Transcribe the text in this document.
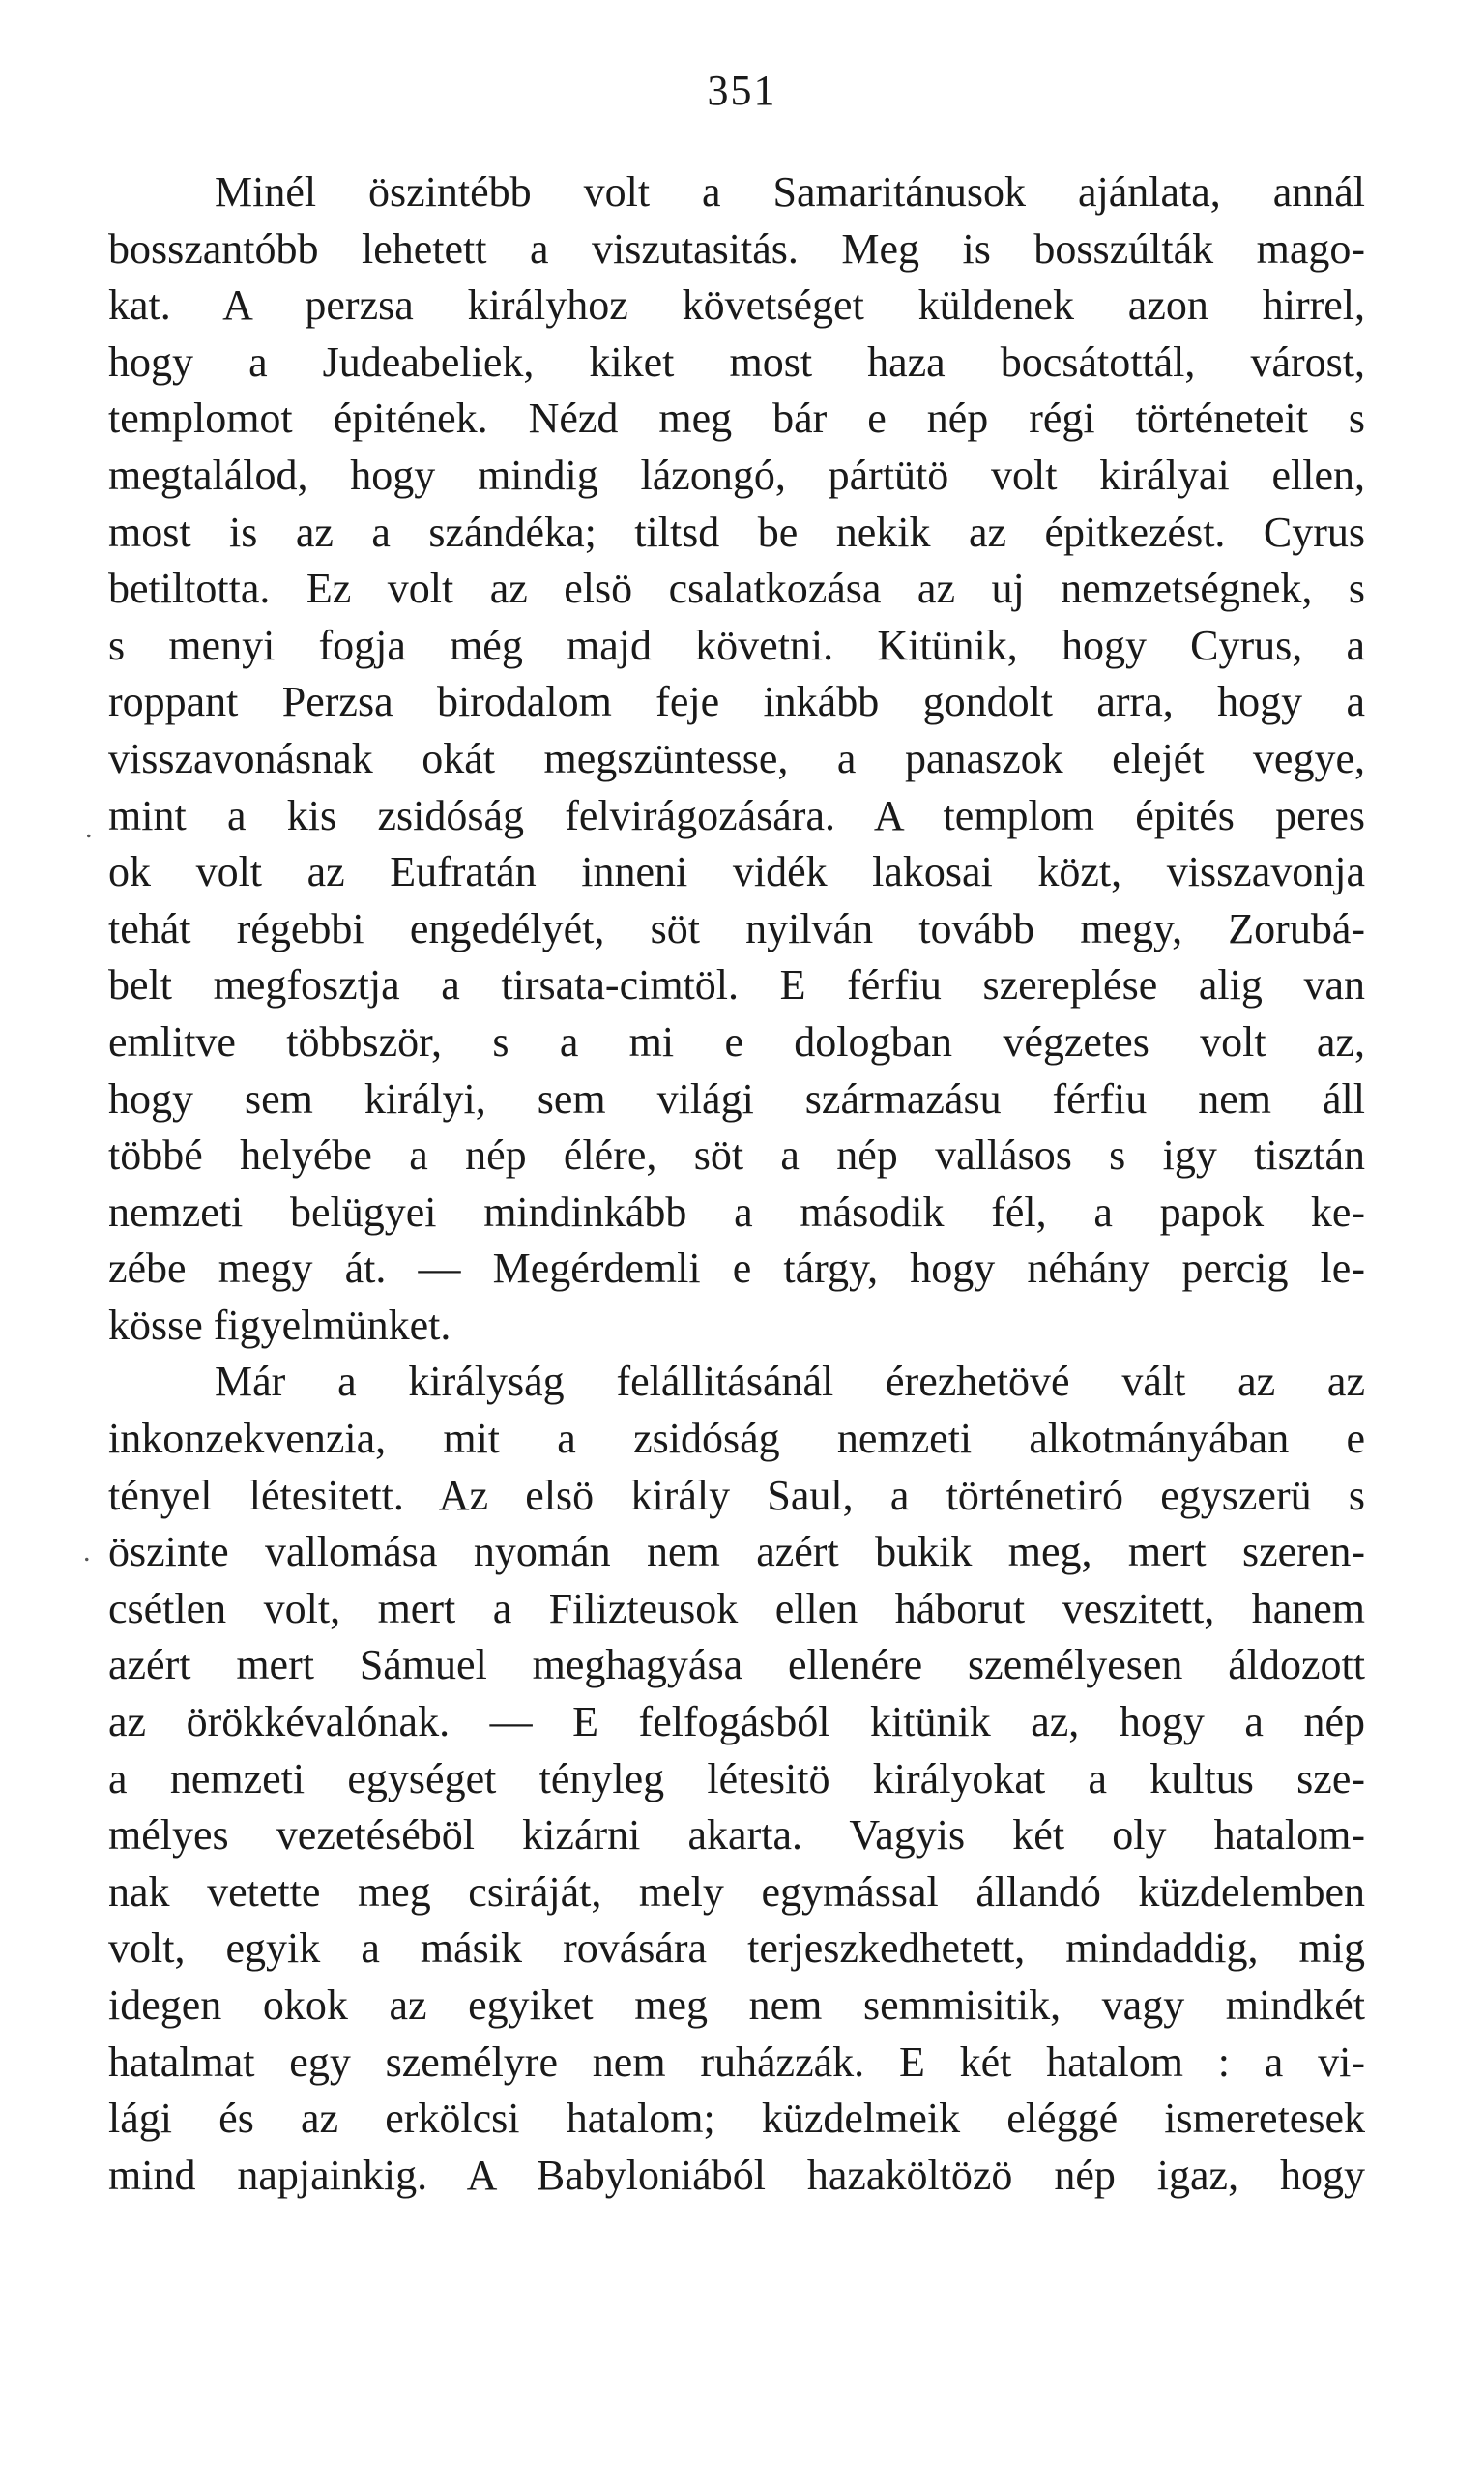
351
.
.
Minél öszintébb volt a Samaritánusok ajánlata, annál
bosszantóbb lehetett a viszutasitás. Meg is bosszúlták mago-
kat. A perzsa királyhoz követséget küldenek azon hirrel,
hogy a Judeabeliek, kiket most haza bocsátottál, várost,
templomot épitének. Nézd meg bár e nép régi történeteit s
megtalálod, hogy mindig lázongó, pártütö volt királyai ellen,
most is az a szándéka; tiltsd be nekik az épitkezést. Cyrus
betiltotta. Ez volt az elsö csalatkozása az uj nemzetségnek, s
s menyi fogja még majd követni. Kitünik, hogy Cyrus, a
roppant Perzsa birodalom feje inkább gondolt arra, hogy a
visszavonásnak okát megszüntesse, a panaszok elejét vegye,
mint a kis zsidóság felvirágozására. A templom épités peres
ok volt az Eufratán inneni vidék lakosai közt, visszavonja
tehát régebbi engedélyét, söt nyilván tovább megy, Zorubá-
belt megfosztja a tirsata-cimtöl. E férfiu szereplése alig van
emlitve többször, s a mi e dologban végzetes volt az,
hogy sem királyi, sem világi származásu férfiu nem áll
többé helyébe a nép élére, söt a nép vallásos s igy tisztán
nemzeti belügyei mindinkább a második fél, a papok ke-
zébe megy át. — Megérdemli e tárgy, hogy néhány percig le-
kösse figyelmünket.
Már a királyság felállitásánál érezhetövé vált az az
inkonzekvenzia, mit a zsidóság nemzeti alkotmányában e
tényel létesitett. Az elsö király Saul, a történetiró egyszerü s
öszinte vallomása nyomán nem azért bukik meg, mert szeren-
csétlen volt, mert a Filizteusok ellen háborut veszitett, hanem
azért mert Sámuel meghagyása ellenére személyesen áldozott
az örökkévalónak. — E felfogásból kitünik az, hogy a nép
a nemzeti egységet tényleg létesitö királyokat a kultus sze-
mélyes vezetéséböl kizárni akarta. Vagyis két oly hatalom-
nak vetette meg csiráját, mely egymással állandó küzdelemben
volt, egyik a másik rovására terjeszkedhetett, mindaddig, mig
idegen okok az egyiket meg nem semmisitik, vagy mindkét
hatalmat egy személyre nem ruházzák. E két hatalom : a vi-
lági és az erkölcsi hatalom; küzdelmeik eléggé ismeretesek
mind napjainkig. A Babyloniából hazaköltözö nép igaz, hogy
